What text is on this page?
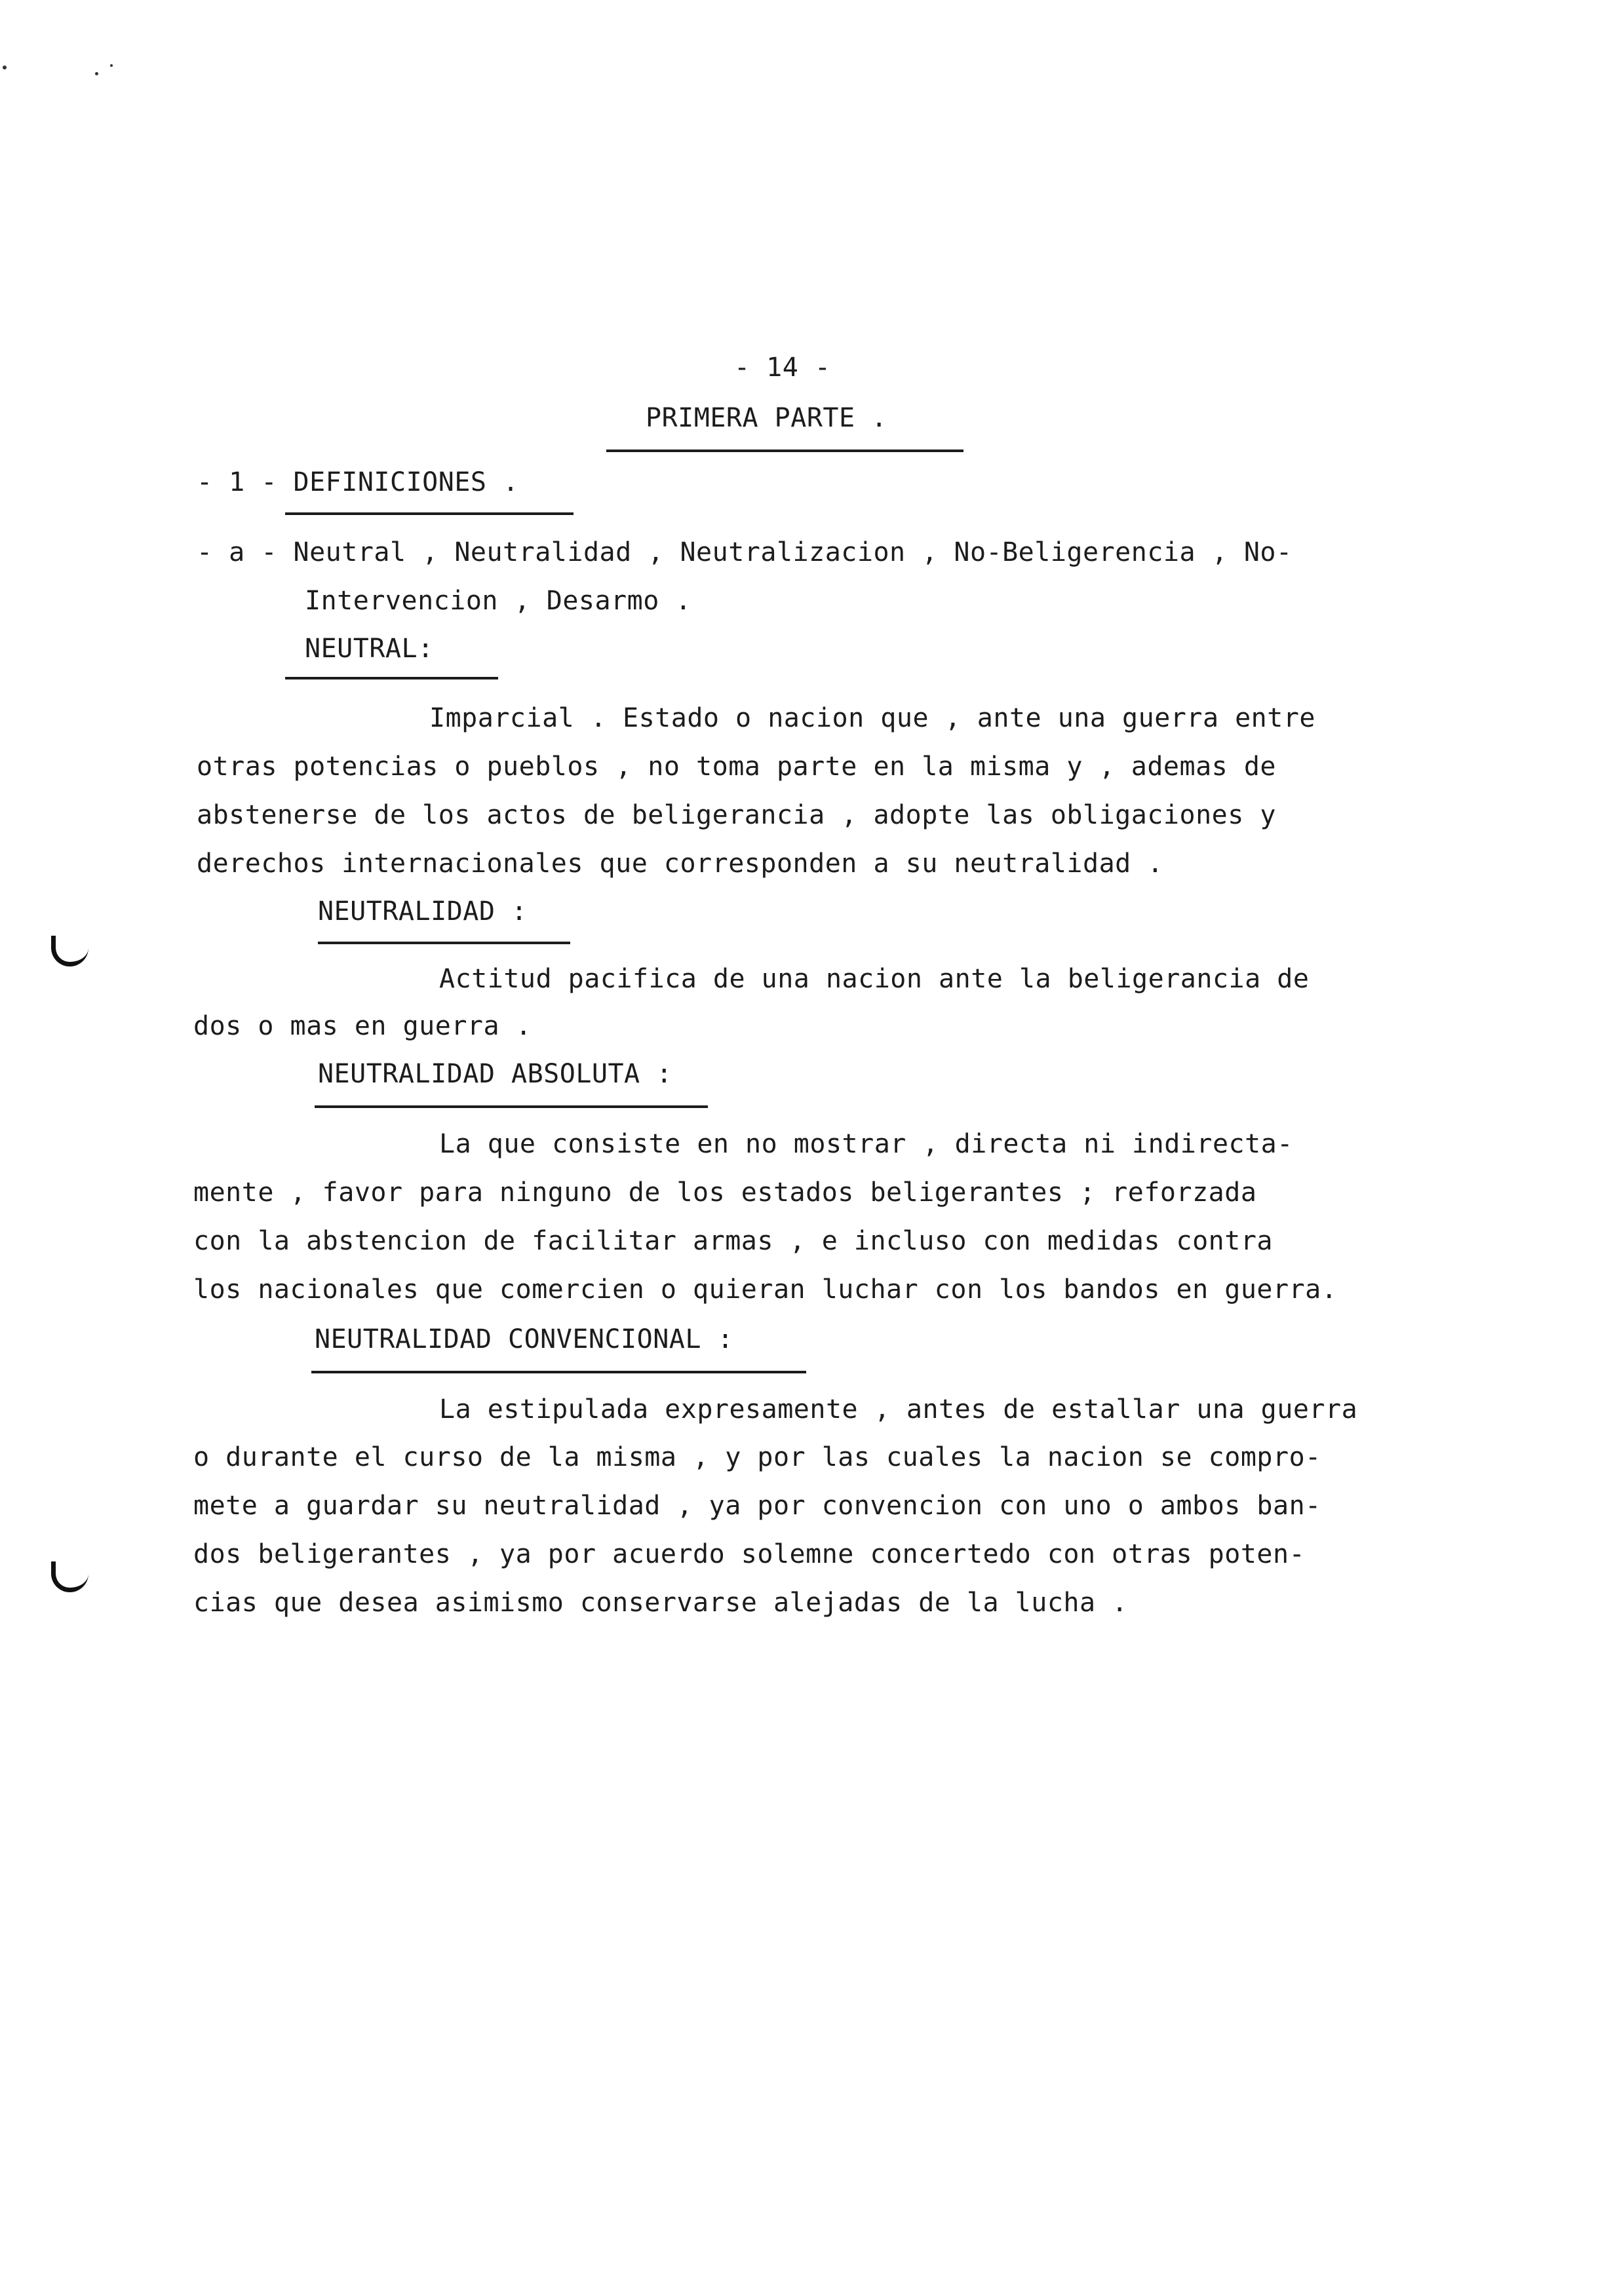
- 14 -
PRIMERA PARTE .
- 1 - DEFINICIONES .
- a - Neutral , Neutralidad , Neutralizacion , No-Beligerencia , No-
Intervencion , Desarmo .
NEUTRAL:
Imparcial . Estado o nacion que , ante una guerra entre
otras potencias o pueblos , no toma parte en la misma y , ademas de
abstenerse de los actos de beligerancia , adopte las obligaciones y
derechos internacionales que corresponden a su neutralidad .
NEUTRALIDAD :
Actitud pacifica de una nacion ante la beligerancia de
dos o mas en guerra .
NEUTRALIDAD ABSOLUTA :
La que consiste en no mostrar , directa ni indirecta-
mente , favor para ninguno de los estados beligerantes ; reforzada
con la abstencion de facilitar armas , e incluso con medidas contra
los nacionales que comercien o quieran luchar con los bandos en guerra.
NEUTRALIDAD CONVENCIONAL :
La estipulada expresamente , antes de estallar una guerra
o durante el curso de la misma , y por las cuales la nacion se compro-
mete a guardar su neutralidad , ya por convencion con uno o ambos ban-
dos beligerantes , ya por acuerdo solemne concertedo con otras poten-
cias que desea asimismo conservarse alejadas de la lucha .
